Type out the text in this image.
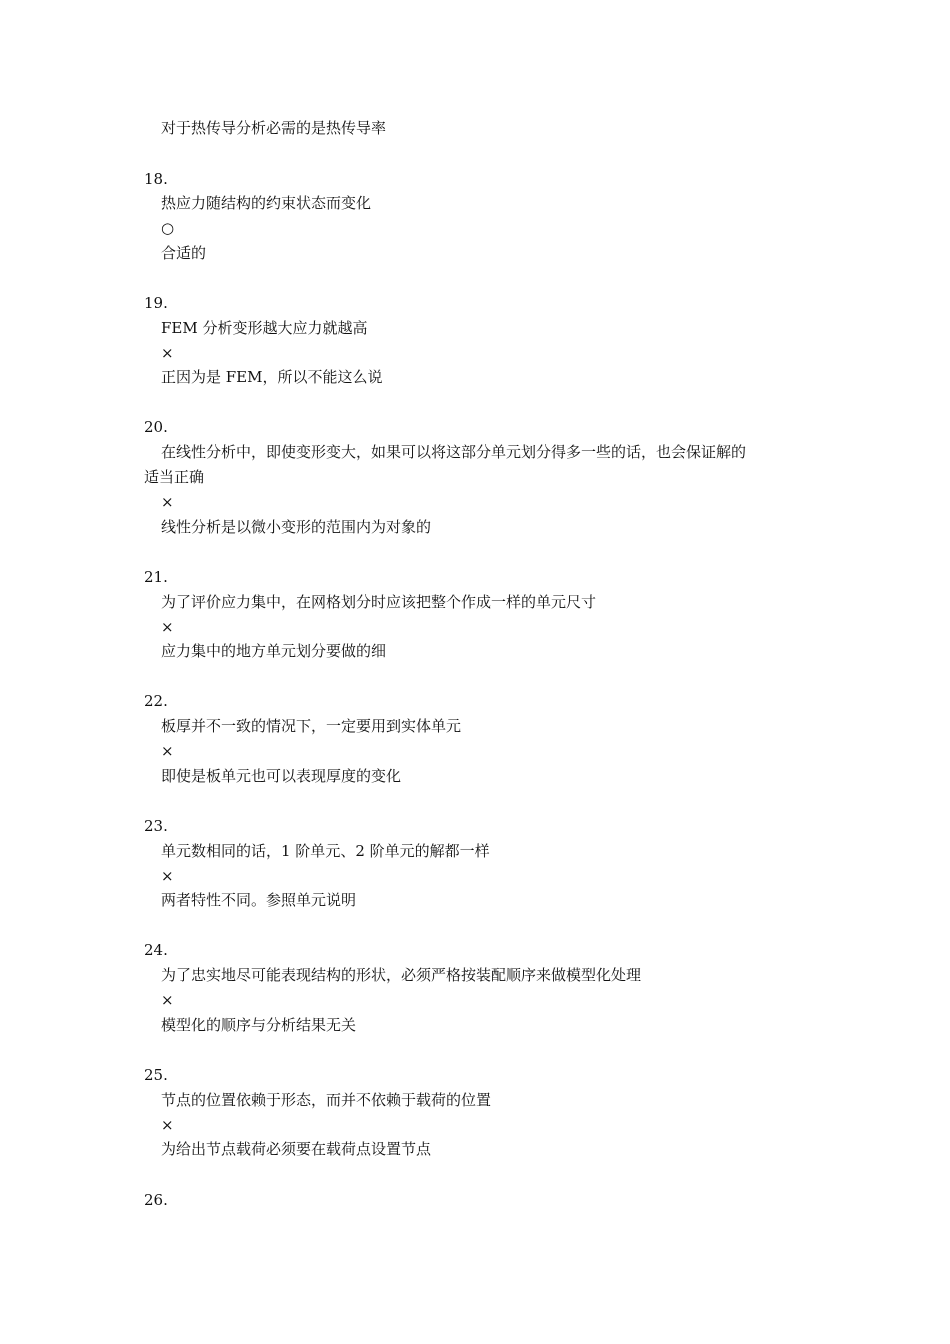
对于热传导分析必需的是热传导率
18.
热应力随结构的约束状态而变化
○
合适的
19.
FEM 分析变形越大应力就越高
×
正因为是 FEM，所以不能这么说
20.
在线性分析中，即使变形变大，如果可以将这部分单元划分得多一些的话，也会保证解的
适当正确
×
线性分析是以微小变形的范围内为对象的
21.
为了评价应力集中，在网格划分时应该把整个作成一样的单元尺寸
×
应力集中的地方单元划分要做的细
22.
板厚并不一致的情况下，一定要用到实体单元
×
即使是板单元也可以表现厚度的变化
23.
单元数相同的话，1 阶单元、2 阶单元的解都一样
×
两者特性不同。参照单元说明
24.
为了忠实地尽可能表现结构的形状，必须严格按装配顺序来做模型化处理
×
模型化的顺序与分析结果无关
25.
节点的位置依赖于形态，而并不依赖于载荷的位置
×
为给出节点载荷必须要在载荷点设置节点
26.
